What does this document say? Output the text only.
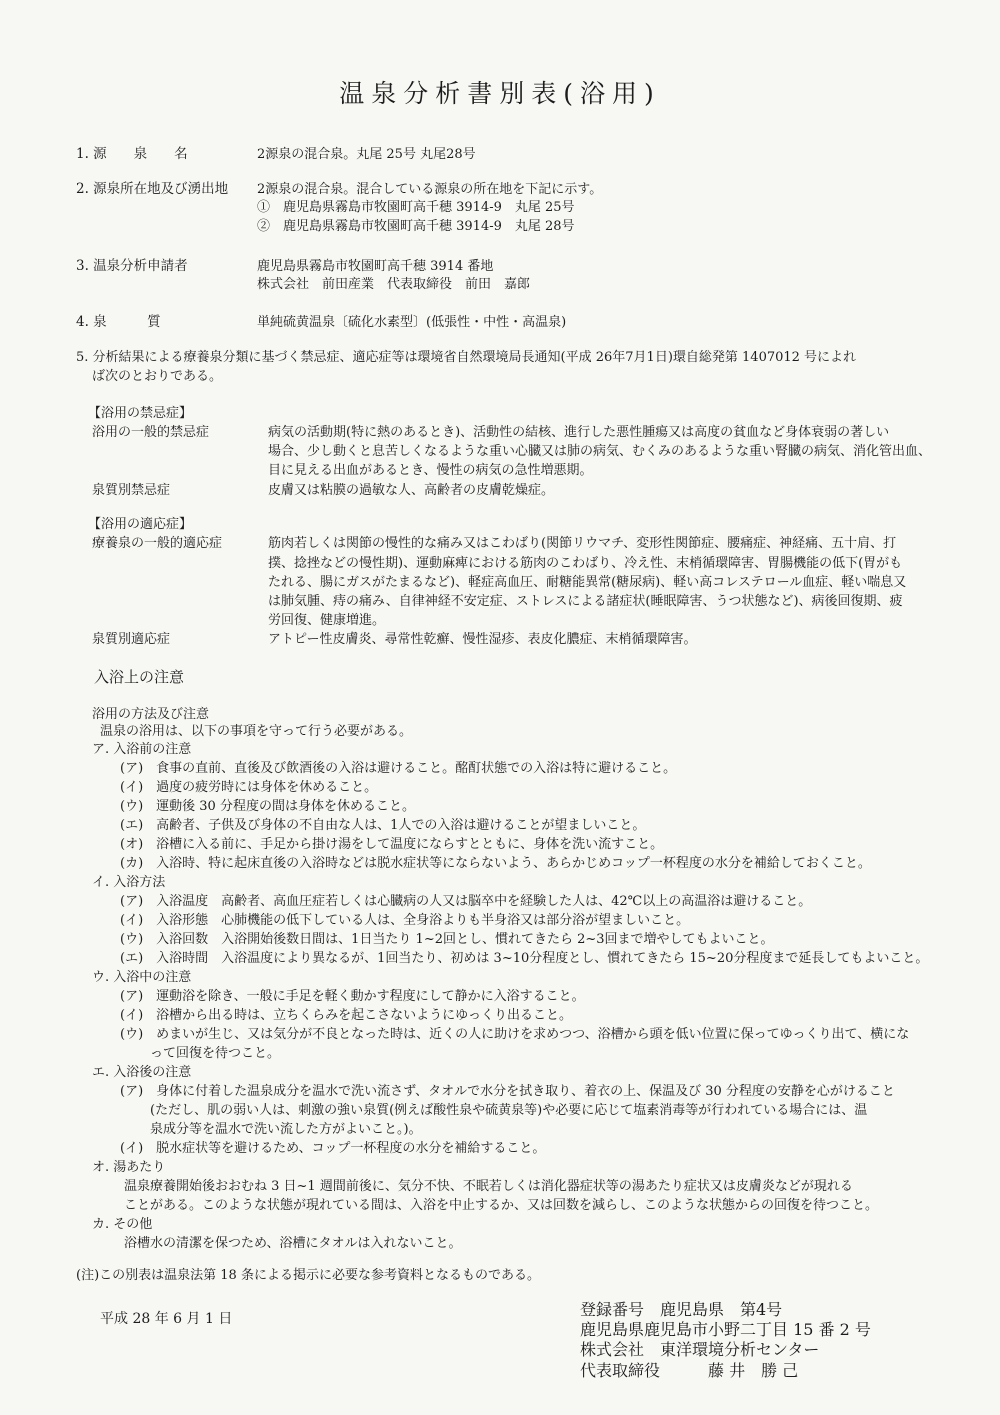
温泉分析書別表(浴用)
1. 源　　泉　　名	2源泉の混合泉。丸尾 25号 丸尾28号
2. 源泉所在地及び湧出地 2源泉の混合泉。混合している源泉の所在地を下記に示す。
①　鹿児島県霧島市牧園町高千穂 3914-9　丸尾 25号
②　鹿児島県霧島市牧園町高千穂 3914-9　丸尾 28号
3. 温泉分析申請者	鹿児島県霧島市牧園町高千穂 3914 番地
株式会社　前田産業　代表取締役　前田　嘉郎
4. 泉　　　質	単純硫黄温泉〔硫化水素型〕(低張性・中性・高温泉)
5. 分析結果による療養泉分類に基づく禁忌症、適応症等は環境省自然環境局長通知(平成 26年7月1日)環自総発第 1407012 号によれ
ば次のとおりである。
【浴用の禁忌症】
浴用の一般的禁忌症	病気の活動期(特に熱のあるとき)、活動性の結核、進行した悪性腫瘍又は高度の貧血など身体衰弱の著しい
場合、少し動くと息苦しくなるような重い心臓又は肺の病気、むくみのあるような重い腎臓の病気、消化管出血、
目に見える出血があるとき、慢性の病気の急性増悪期。
泉質別禁忌症	皮膚又は粘膜の過敏な人、高齢者の皮膚乾燥症。
【浴用の適応症】
療養泉の一般的適応症	筋肉若しくは関節の慢性的な痛み又はこわばり(関節リウマチ、変形性関節症、腰痛症、神経痛、五十肩、打
撲、捻挫などの慢性期)、運動麻痺における筋肉のこわばり、冷え性、末梢循環障害、胃腸機能の低下(胃がも
たれる、腸にガスがたまるなど)、軽症高血圧、耐糖能異常(糖尿病)、軽い高コレステロール血症、軽い喘息又
は肺気腫、痔の痛み、自律神経不安定症、ストレスによる諸症状(睡眠障害、うつ状態など)、病後回復期、疲
労回復、健康増進。
泉質別適応症	アトピー性皮膚炎、尋常性乾癬、慢性湿疹、表皮化膿症、末梢循環障害。
入浴上の注意
浴用の方法及び注意
温泉の浴用は、以下の事項を守って行う必要がある。
ア. 入浴前の注意
(ア)　食事の直前、直後及び飲酒後の入浴は避けること。酩酊状態での入浴は特に避けること。
(イ)　過度の疲労時には身体を休めること。
(ウ)　運動後 30 分程度の間は身体を休めること。
(エ)　高齢者、子供及び身体の不自由な人は、1人での入浴は避けることが望ましいこと。
(オ)　浴槽に入る前に、手足から掛け湯をして温度にならすとともに、身体を洗い流すこと。
(カ)　入浴時、特に起床直後の入浴時などは脱水症状等にならないよう、あらかじめコップ一杯程度の水分を補給しておくこと。
イ. 入浴方法
(ア)　入浴温度　高齢者、高血圧症若しくは心臓病の人又は脳卒中を経験した人は、42℃以上の高温浴は避けること。
(イ)　入浴形態　心肺機能の低下している人は、全身浴よりも半身浴又は部分浴が望ましいこと。
(ウ)　入浴回数　入浴開始後数日間は、1日当たり 1~2回とし、慣れてきたら 2~3回まで増やしてもよいこと。
(エ)　入浴時間　入浴温度により異なるが、1回当たり、初めは 3~10分程度とし、慣れてきたら 15~20分程度まで延長してもよいこと。
ウ. 入浴中の注意
(ア)　運動浴を除き、一般に手足を軽く動かす程度にして静かに入浴すること。
(イ)　浴槽から出る時は、立ちくらみを起こさないようにゆっくり出ること。
(ウ)　めまいが生じ、又は気分が不良となった時は、近くの人に助けを求めつつ、浴槽から頭を低い位置に保ってゆっくり出て、横にな
って回復を待つこと。
エ. 入浴後の注意
(ア)　身体に付着した温泉成分を温水で洗い流さず、タオルで水分を拭き取り、着衣の上、保温及び 30 分程度の安静を心がけること
(ただし、肌の弱い人は、刺激の強い泉質(例えば酸性泉や硫黄泉等)や必要に応じて塩素消毒等が行われている場合には、温
泉成分等を温水で洗い流した方がよいこと。)。
(イ)　脱水症状等を避けるため、コップ一杯程度の水分を補給すること。
オ. 湯あたり
温泉療養開始後おおむね 3 日~1 週間前後に、気分不快、不眠若しくは消化器症状等の湯あたり症状又は皮膚炎などが現れる
ことがある。このような状態が現れている間は、入浴を中止するか、又は回数を減らし、このような状態からの回復を待つこと。
カ. その他
浴槽水の清潔を保つため、浴槽にタオルは入れないこと。
(注)この別表は温泉法第 18 条による掲示に必要な参考資料となるものである。
平成 28 年 6 月 1 日	登録番号　鹿児島県　第4号
鹿児島県鹿児島市小野二丁目 15 番 2 号
株式会社　東洋環境分析センター
代表取締役　　　藤 井　勝 己
